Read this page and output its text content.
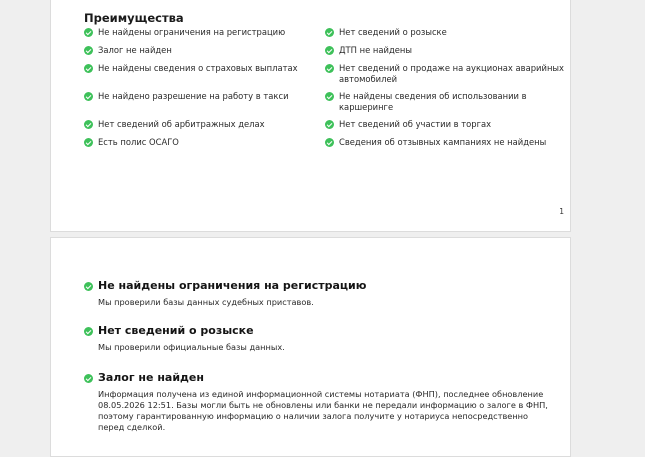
Преимущества
Не найдены ограничения на регистрацию
Залог не найден
Не найдены сведения о страховых выплатах
Не найдено разрешение на работу в такси
Нет сведений об арбитражных делах
Есть полис ОСАГО
Нет сведений о розыске
ДТП не найдены
Нет сведений о продаже на аукционах аварийных автомобилей
Не найдены сведения об использовании в каршеринге
Нет сведений об участии в торгах
Сведения об отзывных кампаниях не найдены
1
Не найдены ограничения на регистрацию
Мы проверили базы данных судебных приставов.
Нет сведений о розыске
Мы проверили официальные базы данных.
Залог не найден
Информация получена из единой информационной системы нотариата (ФНП), последнее обновление 08.05.2026 12:51. Базы могли быть не обновлены или банки не передали информацию о залоге в ФНП, поэтому гарантированную информацию о наличии залога получите у нотариуса непосредственно перед сделкой.
